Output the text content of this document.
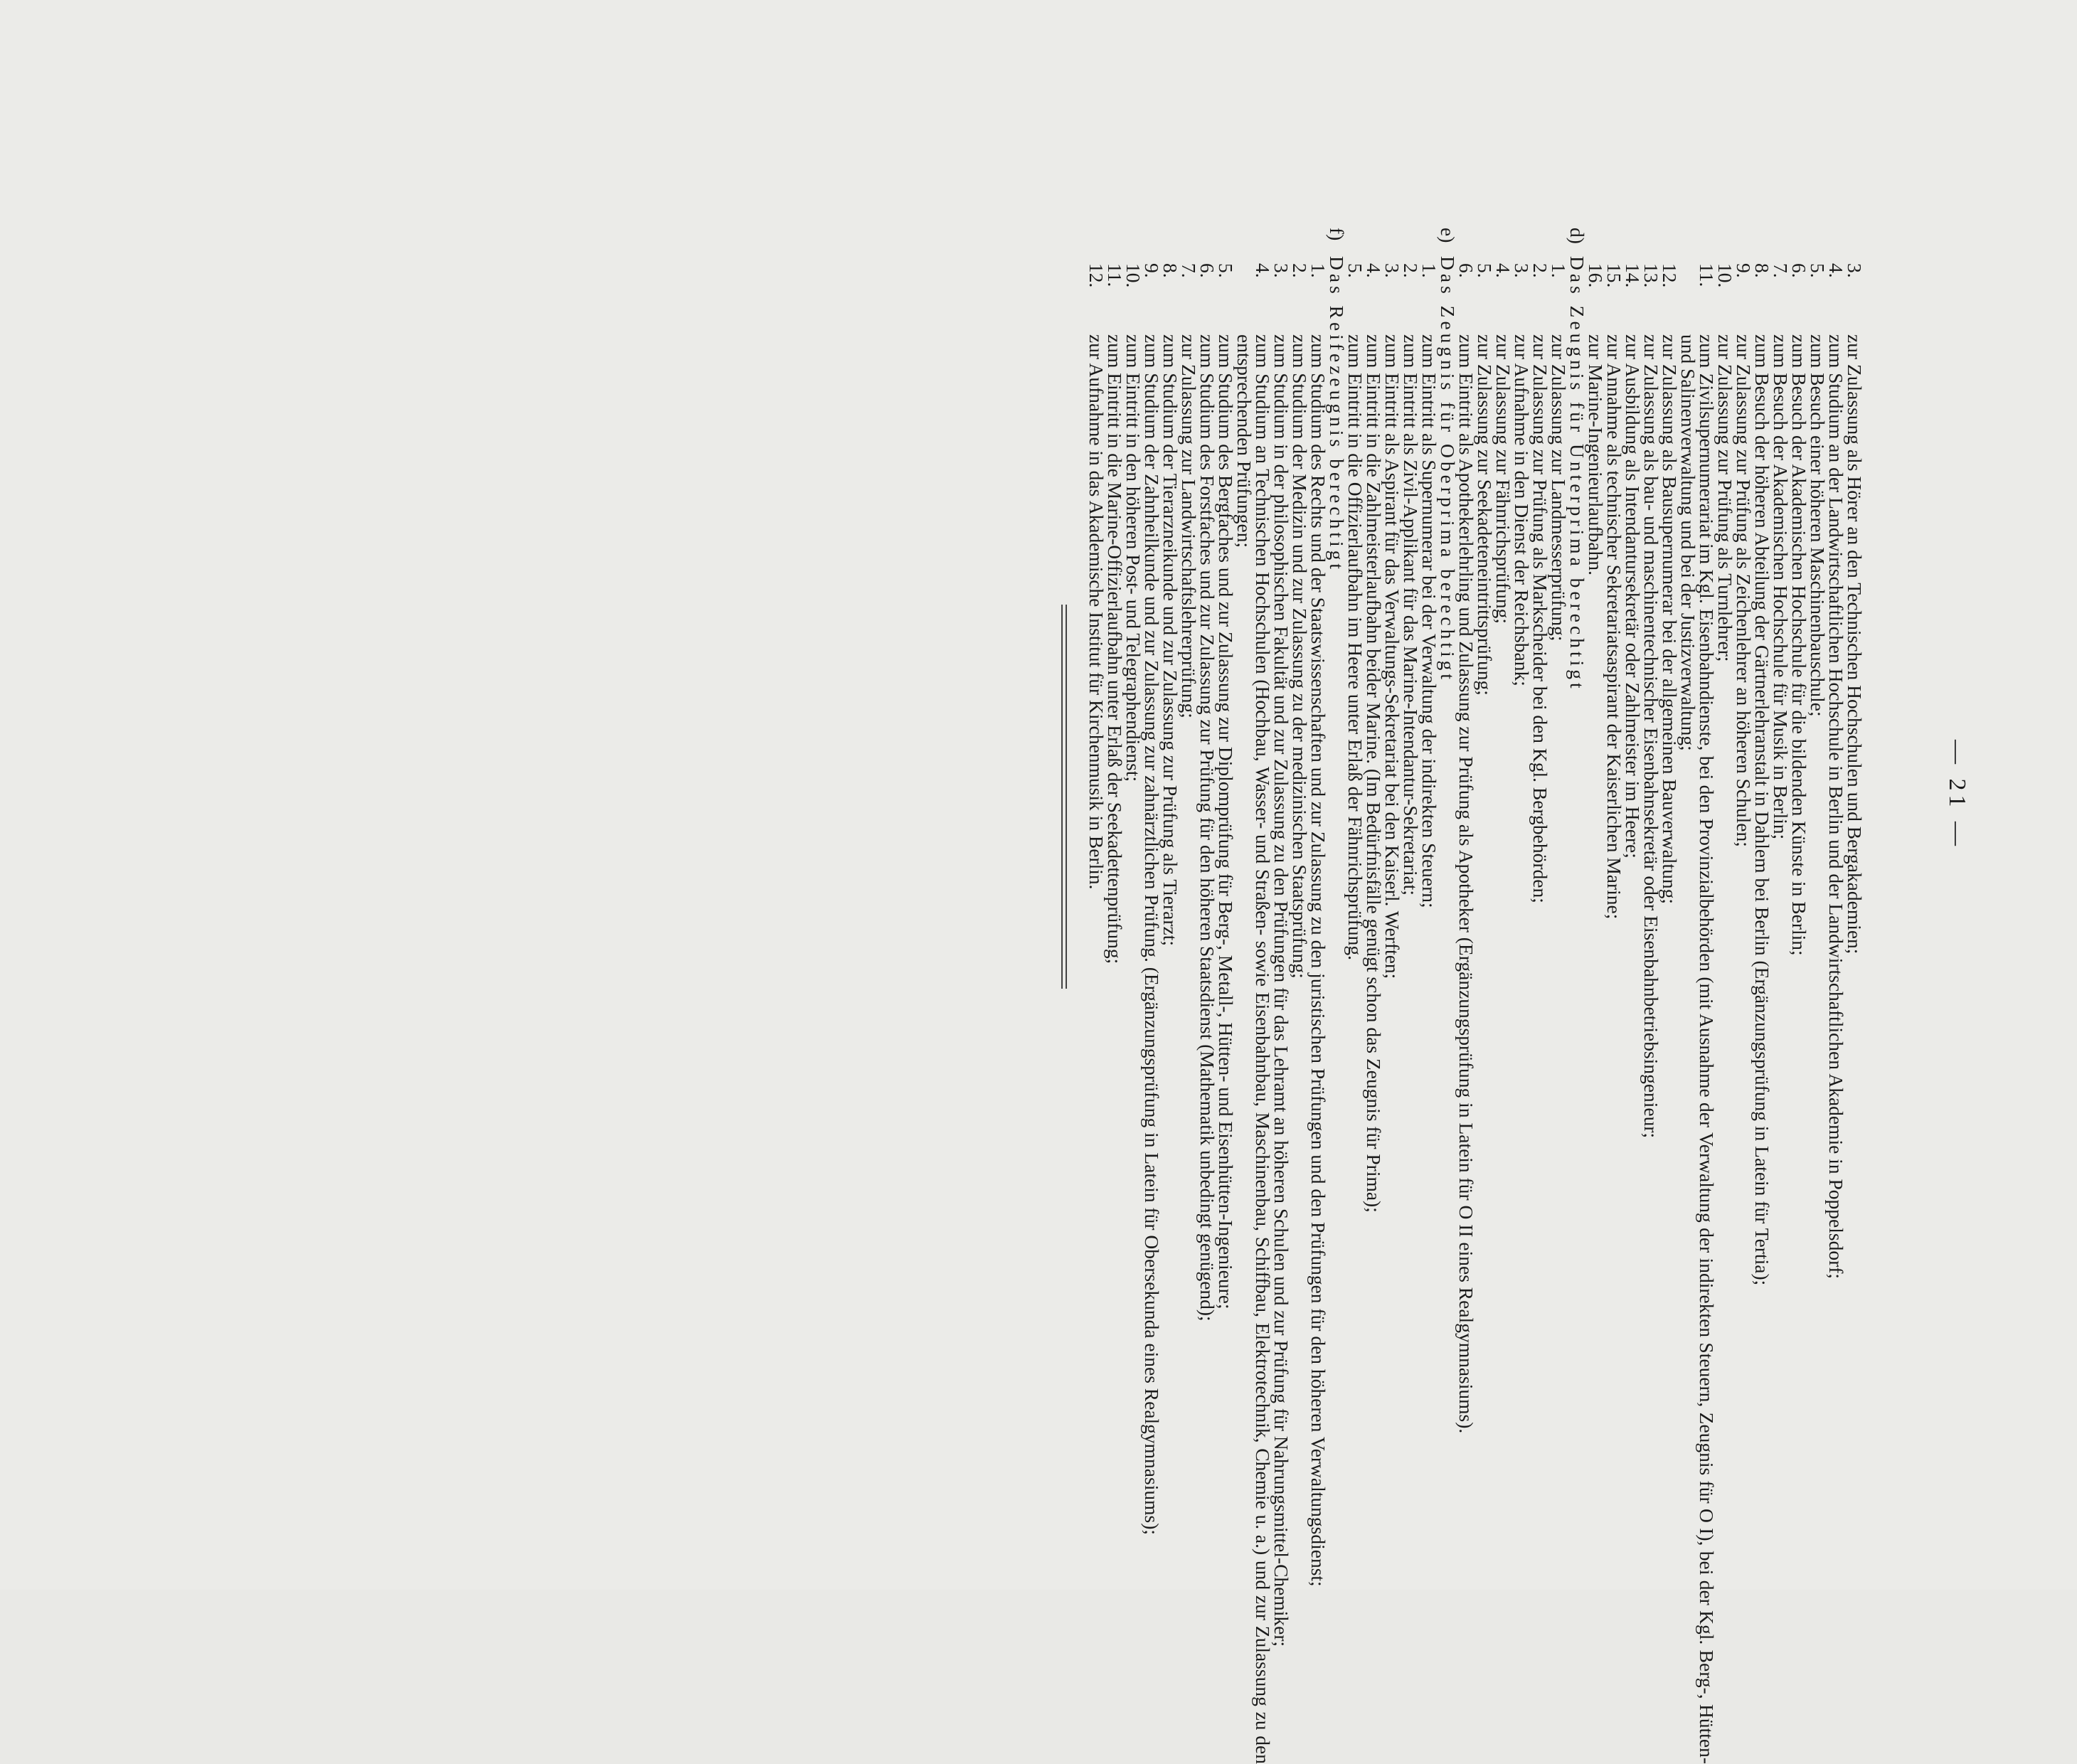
— 21 —
3.
zur Zulassung als Hörer an den Technischen Hochschulen und Bergakademien;
4.
zum Studium an der Landwirtschaftlichen Hochschule in Berlin und der Landwirtschaftlichen Akademie in Poppelsdorf;
5.
zum Besuch einer höheren Maschinenbauschule;
6.
zum Besuch der Akademischen Hochschule für die bildenden Künste in Berlin;
7.
zum Besuch der Akademischen Hochschule für Musik in Berlin;
8.
zum Besuch der höheren Abteilung der Gärtnerlehranstalt in Dahlem bei Berlin (Ergänzungsprüfung in Latein für Tertia);
9.
zur Zulassung zur Prüfung als Zeichenlehrer an höheren Schulen;
10.
zur Zulassung zur Prüfung als Turnlehrer;
11.
zum Zivilsupernumerariat im Kgl. Eisenbahndienste, bei den Provinzialbehörden (mit Ausnahme der Verwaltung der indirekten Steuern, Zeugnis für O I), bei der Kgl. Berg-, Hütten- und Salinenverwaltung und bei der Justizverwaltung;
12.
zur Zulassung als Bausupernumerar bei der allgemeinen Bauverwaltung;
13.
zur Zulassung als bau- und maschinentechnischer Eisenbahnsekretär oder Eisenbahnbetriebsingenieur;
14.
zur Ausbildung als Intendantursekretär oder Zahlmeister im Heere;
15.
zur Annahme als technischer Sekretariatsaspirant der Kaiserlichen Marine;
16.
zur Marine-Ingenieurlaufbahn.
d)
Das Zeugnis für Unterprima berechtigt
1.
zur Zulassung zur Landmesserprüfung;
2.
zur Zulassung zur Prüfung als Markscheider bei den Kgl. Bergbehörden;
3.
zur Aufnahme in den Dienst der Reichsbank;
4.
zur Zulassung zur Fähnrichsprüfung;
5.
zur Zulassung zur Seekadeteneintrittsprüfung;
6.
zum Eintritt als Apothekerlehrling und Zulassung zur Prüfung als Apotheker (Ergänzungsprüfung in Latein für O II eines Realgymnasiums).
e)
Das Zeugnis für Oberprima berechtigt
1.
zum Eintritt als Supernumerar bei der Verwaltung der indirekten Steuern;
2.
zum Eintritt als Zivil-Applikant für das Marine-Intendantur-Sekretariat;
3.
zum Eintritt als Aspirant für das Verwaltungs-Sekretariat bei den Kaiserl. Werften;
4.
zum Eintritt in die Zahlmeisterlaufbahn beider Marine. (Im Bedürfnisfälle genügt schon das Zeugnis für Prima);
5.
zum Eintritt in die Offizierlaufbahn im Heere unter Erlaß der Fähnrichsprüfung.
f)
Das Reifezeugnis berechtigt
1.
zum Studium des Rechts und der Staatswissenschaften und zur Zulassung zu den juristischen Prüfungen und den Prüfungen für den höheren Verwaltungsdienst;
2.
zum Studium der Medizin und zur Zulassung zu der medizinischen Staatsprüfung;
3.
zum Studium in der philosophischen Fakultät und zur Zulassung zu den Prüfungen für das Lehramt an höheren Schulen und zur Prüfung für Nahrungsmittel-Chemiker;
4.
zum Studium an Technischen Hochschulen (Hochbau, Wasser- und Straßen- sowie Eisenbahnbau, Maschinenbau, Schiffbau, Elektrotechnik, Chemie u. a.) und zur Zulassung zu den entsprechenden Prüfungen;
5.
zum Studium des Bergfaches und zur Zulassung zur Diplomprüfung für Berg-, Metall-, Hütten- und Eisenhütten-Ingenieure;
6.
zum Studium des Forstfaches und zur Zulassung zur Prüfung für den höheren Staatsdienst (Mathematik unbedingt genügend);
7.
zur Zulassung zur Landwirtschaftslehrerprüfung;
8.
zum Studium der Tierarzneikunde und zur Zulassung zur Prüfung als Tierarzt;
9.
zum Studium der Zahnheilkunde und zur Zulassung zur zahnärztlichen Prüfung. (Ergänzungsprüfung in Latein für Obersekunda eines Realgymnasiums);
10.
zum Eintritt in den höheren Post- und Telegraphendienst;
11.
zum Eintritt in die Marine-Offizierlaufbahn unter Erlaß der Seekadettenprüfung;
12.
zur Aufnahme in das Akademische Institut für Kirchenmusik in Berlin.
